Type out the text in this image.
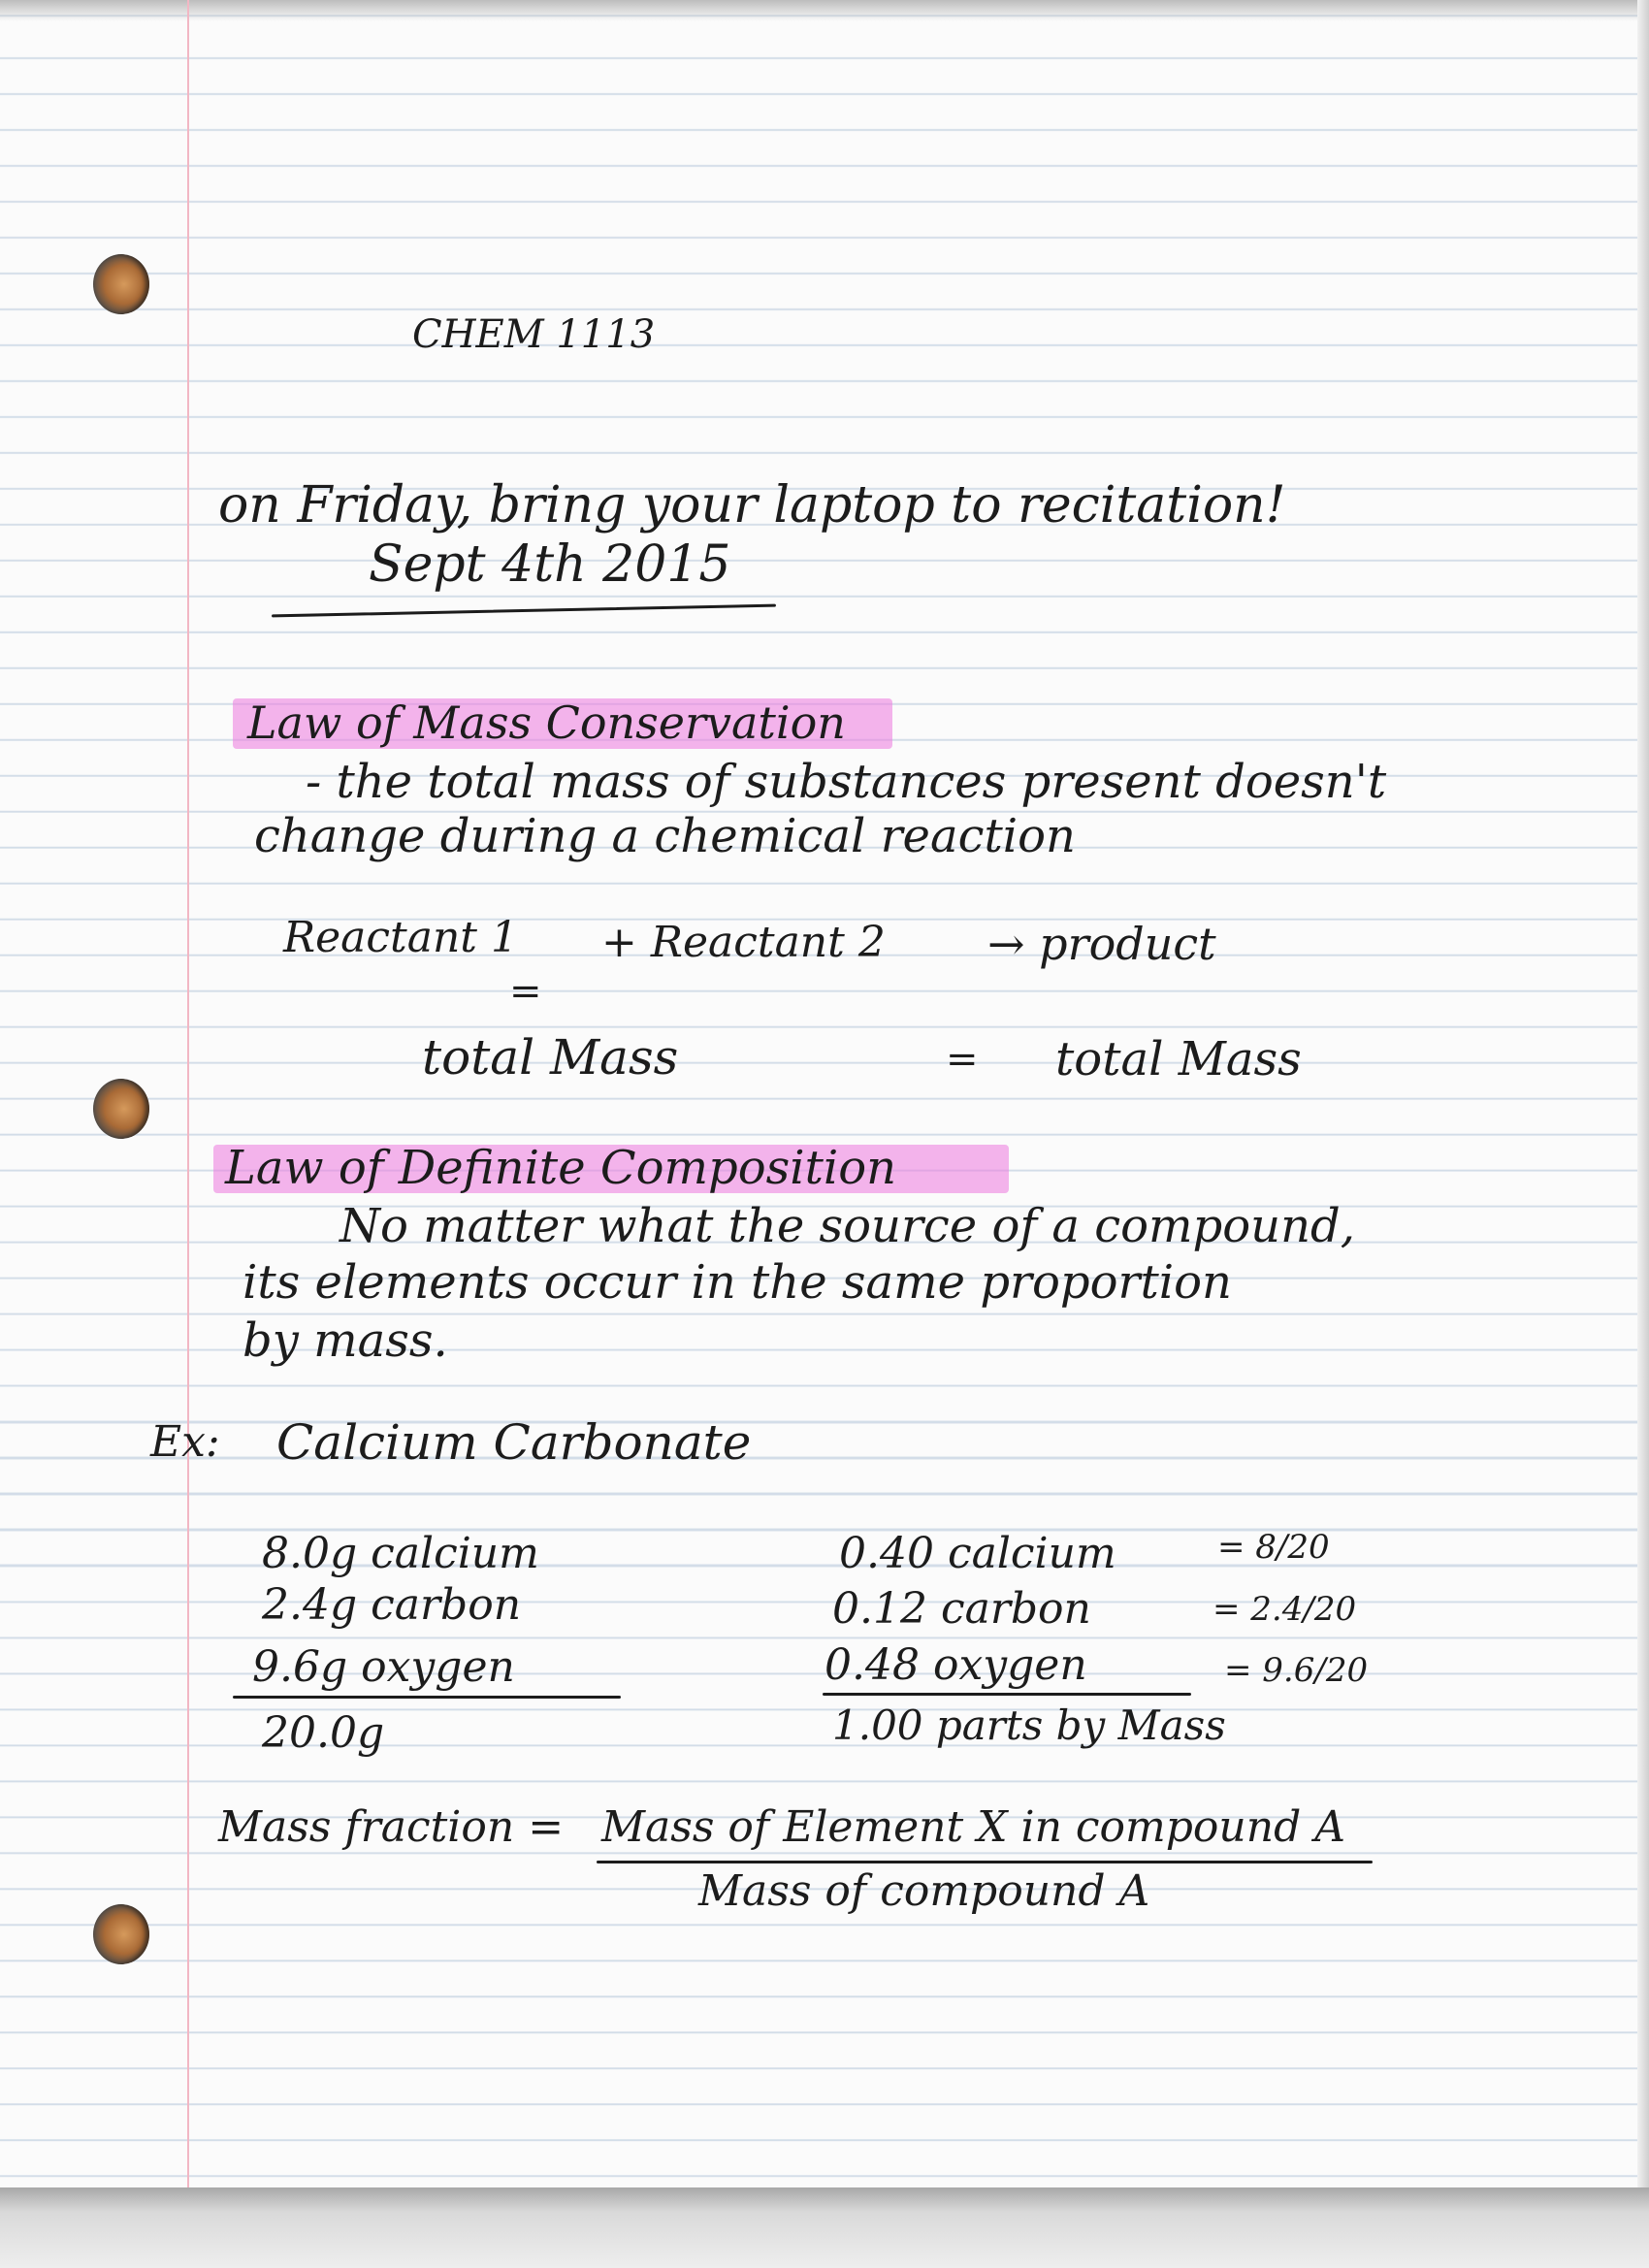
CHEM 1113
on Friday, bring your laptop to recitation!
Sept 4th 2015
Law of Mass Conservation
- the total mass of substances present doesn't
change during a chemical reaction
Reactant 1 + Reactant 2 → product
=
total Mass	= total Mass
Law of Definite Composition
No matter what the source of a compound,
its elements occur in the same proportion
by mass.
Ex: Calcium Carbonate
8.0g calcium
2.4g carbon
9.6g oxygen
20.0g
0.40 calcium
0.12 carbon
0.48 oxygen
1.00 parts by Mass
= 8/20
= 2.4/20
= 9.6/20
Mass fraction = Mass of Element X in compound A
Mass of compound A
